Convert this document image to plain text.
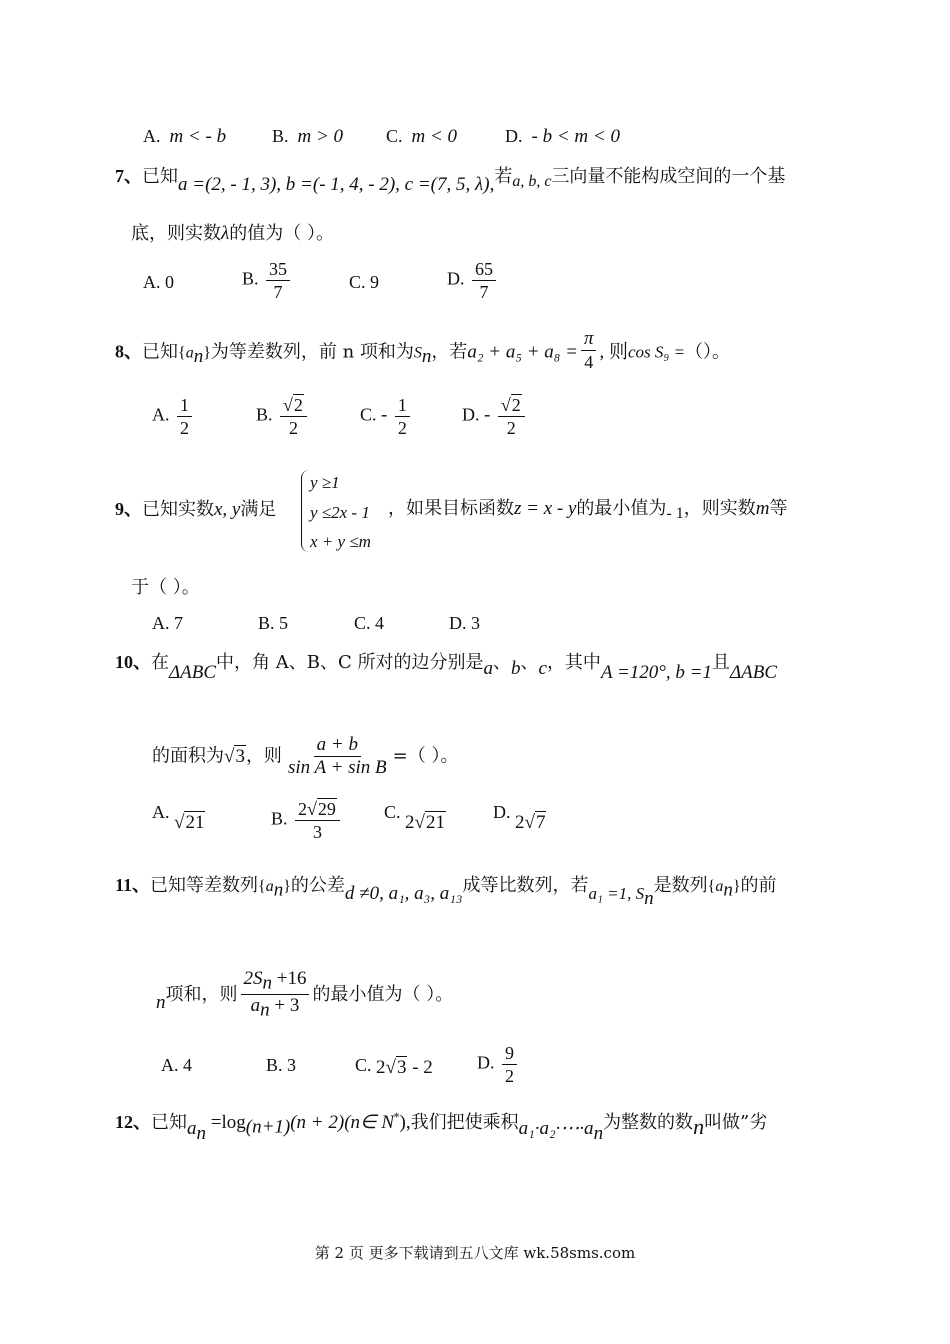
A. m < - b	B. m > 0 C. m < 0	D. - b < m < 0
7、已知a =(2, - 1, 3), b =(- 1, 4, - 2), c =(7, 5, λ),若a, b, c三向量不能构成空间的一个基
底，则实数λ的值为（ ）。
A. 0	B. $\frac{35}{7}$	C. 9	D. $\frac{65}{7}$
8、已知$\{a_n\}$为等差数列，前 n 项和为$S_n$，若$a_2 + a_5 + a_8 = \frac{\pi}{4}$ , 则cos S₉ =（）。
A. $\frac{1}{2}$	B. $\frac{√2}{2}$	C. - $\frac{1}{2}$	D. - $\frac{√2}{2}$
9、已知实数x, y满足
y ≥1
y ≤2x - 1
x + y ≤m
，如果目标函数z = x - y的最小值为- 1，则实数m等
于（ ）。
A. 7	B. 5	C. 4	D. 3
10、在ΔABC中，角 A、B、C 所对的边分别是a、b、c，其中A =120°, b =1且ΔABC
的面积为√3，则 $\frac{a + b}{\text{sin A + sin B}}$ =（ ）。
A. √21	B. $\frac{2√29}{3} C$. 2√21	D. 2√7
11、已知等差数列$\{a_n\}$的公差d ≠0, a₁, a₃, a₁₃成等比数列，若a₁ =1, $S_n$是数列$\{a_n\}$的前
n项和，则 $\frac{2S_n +16}{a_n + 3}$ 的最小值为（ ）。
A. 4	B. 3	C. 2√3 - 2 D. $\frac{9}{2}$
12、已知$a_n =\log_{(n+1)}(n$ + 2)(n∈ N*),我们把使乘积$a_1\cdot a_2\cdot\cdots\cdot a_n$为整数的数n叫做”劣
第 2 页 更多下载请到五八文库 wk.58sms.com
